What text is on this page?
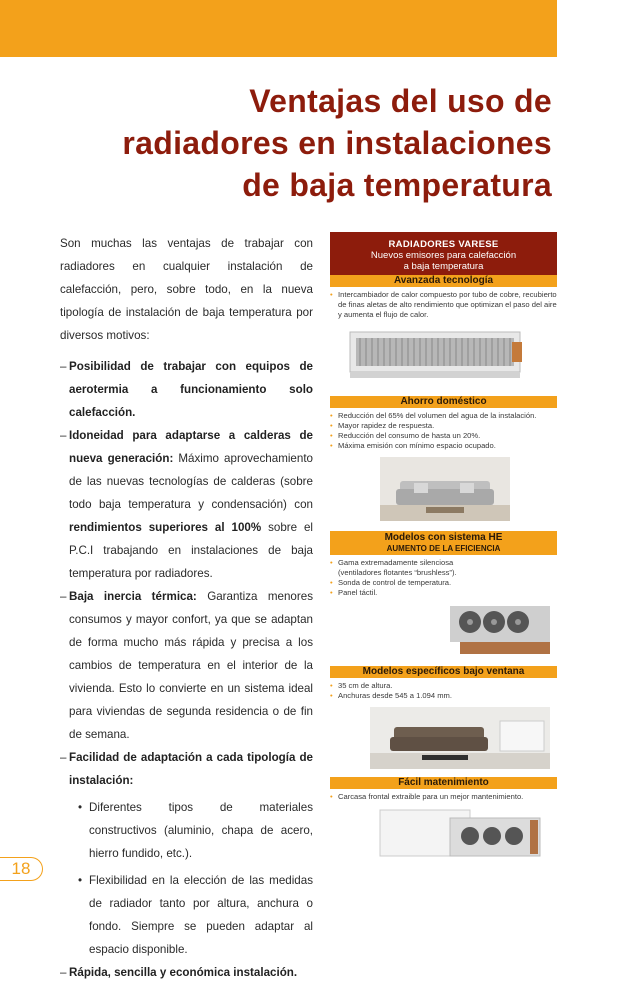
Ventajas del uso de
radiadores en instalaciones
de baja temperatura

Son muchas las ventajas de trabajar con radiadores en cualquier instalación de calefacción, pero, sobre todo, en la nueva tipología de instalación de baja temperatura por diversos motivos:

– Posibilidad de trabajar con equipos de aerotermia a funcionamiento solo calefacción.
– Idoneidad para adaptarse a calderas de nueva generación: Máximo aprovechamiento de las nuevas tecnologías de calderas (sobre todo baja temperatura y condensación) con rendimientos superiores al 100% sobre el P.C.I trabajando en instalaciones de baja temperatura por radiadores.
– Baja inercia térmica: Garantiza menores consumos y mayor confort, ya que se adaptan de forma mucho más rápida y precisa a los cambios de temperatura en el interior de la vivienda. Esto lo convierte en un sistema ideal para viviendas de segunda residencia o de fin de semana.
– Facilidad de adaptación a cada tipología de instalación:
• Diferentes tipos de materiales constructivos (aluminio, chapa de acero, hierro fundido, etc.).
• Flexibilidad en la elección de las medidas de radiador tanto por altura, anchura o fondo. Siempre se pueden adaptar al espacio disponible.
– Rápida, sencilla y económica instalación.
RADIADORES VARESE
Nuevos emisores para calefacción
a baja temperatura
Avanzada tecnología
• Intercambiador de calor compuesto por tubo de cobre, recubierto de finas aletas de alto rendimiento que optimizan el paso del aire y aumenta el flujo de calor.
Ahorro doméstico
• Reducción del 65% del volumen del agua de la instalación.
• Mayor rapidez de respuesta.
• Reducción del consumo de hasta un 20%.
• Máxima emisión con mínimo espacio ocupado.
Modelos con sistema HE
AUMENTO DE LA EFICIENCIA
• Gama extremadamente silenciosa (ventiladores flotantes “brushless”).
• Sonda de control de temperatura.
• Panel táctil.
Modelos específicos bajo ventana
• 35 cm de altura.
• Anchuras desde 545 a 1.094 mm.
Fácil matenimiento
• Carcasa frontal extraible para un mejor mantenimiento.
18
